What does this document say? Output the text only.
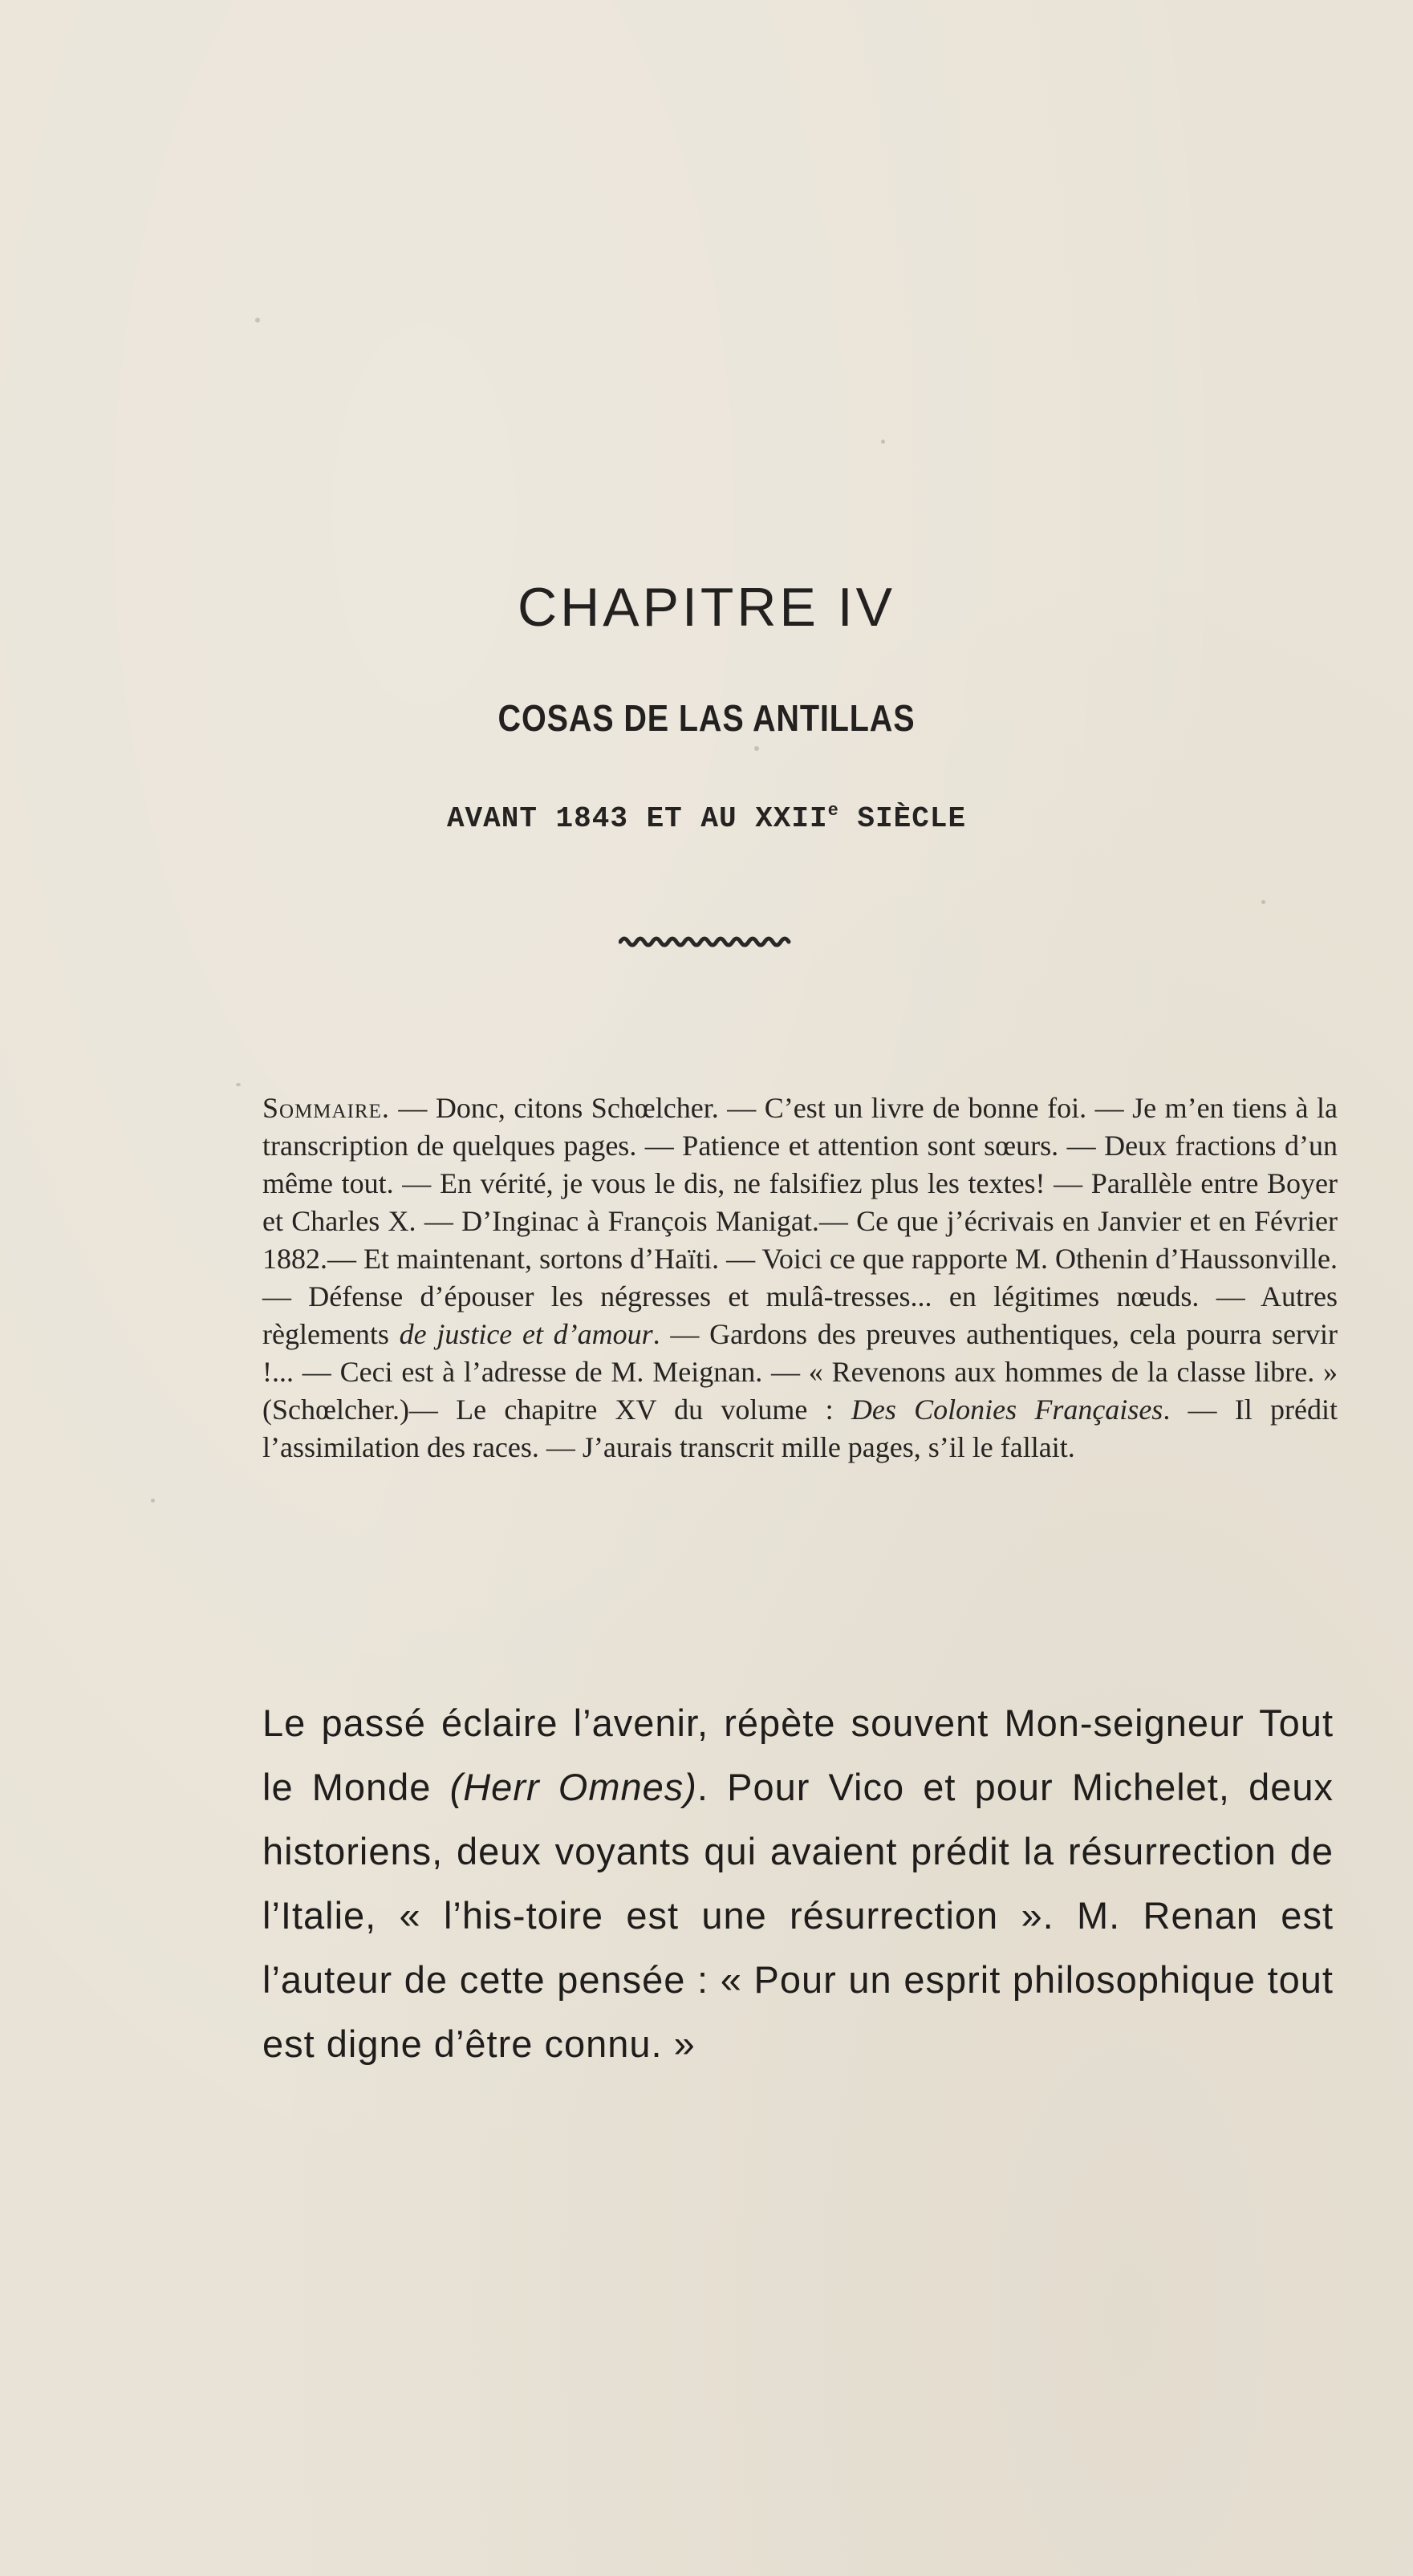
CHAPITRE IV
COSAS DE LAS ANTILLAS
AVANT 1843 ET AU XXIIe SIÈCLE

Sommaire. — Donc, citons Schœlcher. — C’est un livre de bonne foi. — Je m’en tiens à la transcription de quelques pages. — Patience et attention sont sœurs. — Deux fractions d’un même tout. — En vérité, je vous le dis, ne falsifiez plus les textes! — Parallèle entre Boyer et Charles X. — D’Inginac à François Manigat.— Ce que j’écrivais en Janvier et en Février 1882.— Et maintenant, sortons d’Haïti. — Voici ce que rapporte M. Othenin d’Haussonville. — Défense d’épouser les négresses et mulâ-tresses... en légitimes nœuds. — Autres règlements de justice et d’amour. — Gardons des preuves authentiques, cela pourra servir !... — Ceci est à l’adresse de M. Meignan. — « Revenons aux hommes de la classe libre. » (Schœlcher.)— Le chapitre XV du volume : Des Colonies Françaises. — Il prédit l’assimilation des races. — J’aurais transcrit mille pages, s’il le fallait.

Le passé éclaire l’avenir, répète souvent Mon-seigneur Tout le Monde (Herr Omnes). Pour Vico et pour Michelet, deux historiens, deux voyants qui avaient prédit la résurrection de l’Italie, « l’his-toire est une résurrection ». M. Renan est l’auteur de cette pensée : « Pour un esprit philosophique tout est digne d’être connu. »
